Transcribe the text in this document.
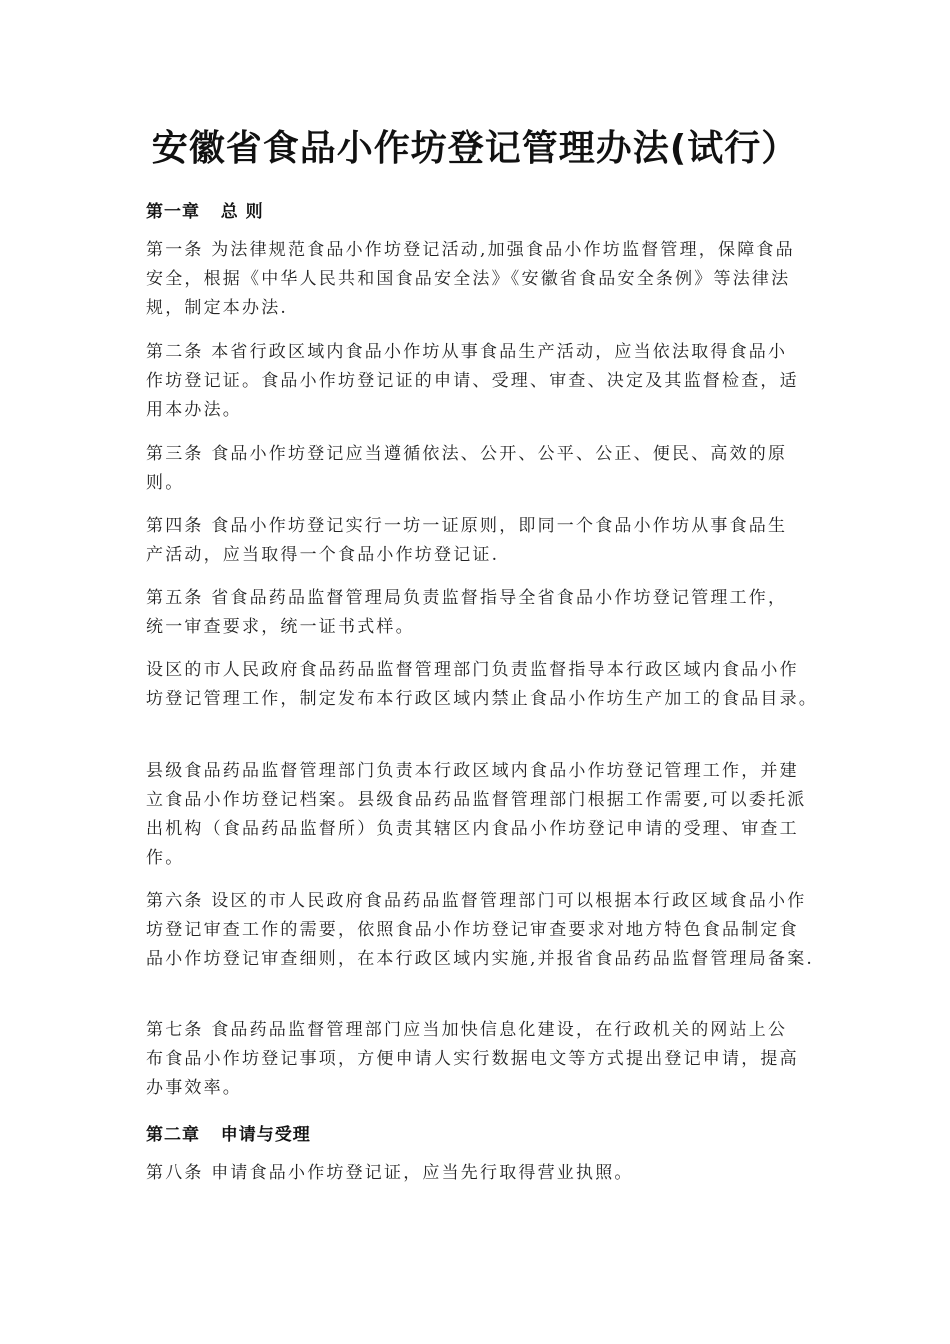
安徽省食品小作坊登记管理办法(试行）
第一章   总 则
第一条 为法律规范食品小作坊登记活动,加强食品小作坊监督管理，保障食品
安全，根据《中华人民共和国食品安全法》《安徽省食品安全条例》等法律法
规，制定本办法.
第二条 本省行政区域内食品小作坊从事食品生产活动，应当依法取得食品小
作坊登记证。食品小作坊登记证的申请、受理、审查、决定及其监督检查，适
用本办法。
第三条 食品小作坊登记应当遵循依法、公开、公平、公正、便民、高效的原
则。
第四条 食品小作坊登记实行一坊一证原则，即同一个食品小作坊从事食品生
产活动，应当取得一个食品小作坊登记证.
第五条 省食品药品监督管理局负责监督指导全省食品小作坊登记管理工作，
统一审查要求，统一证书式样。
设区的市人民政府食品药品监督管理部门负责监督指导本行政区域内食品小作
坊登记管理工作，制定发布本行政区域内禁止食品小作坊生产加工的食品目录。
县级食品药品监督管理部门负责本行政区域内食品小作坊登记管理工作，并建
立食品小作坊登记档案。县级食品药品监督管理部门根据工作需要,可以委托派
出机构（食品药品监督所）负责其辖区内食品小作坊登记申请的受理、审查工
作。
第六条 设区的市人民政府食品药品监督管理部门可以根据本行政区域食品小作
坊登记审查工作的需要，依照食品小作坊登记审查要求对地方特色食品制定食
品小作坊登记审查细则，在本行政区域内实施,并报省食品药品监督管理局备案.
第七条 食品药品监督管理部门应当加快信息化建设，在行政机关的网站上公
布食品小作坊登记事项，方便申请人实行数据电文等方式提出登记申请，提高
办事效率。
第二章   申请与受理
第八条 申请食品小作坊登记证，应当先行取得营业执照。
